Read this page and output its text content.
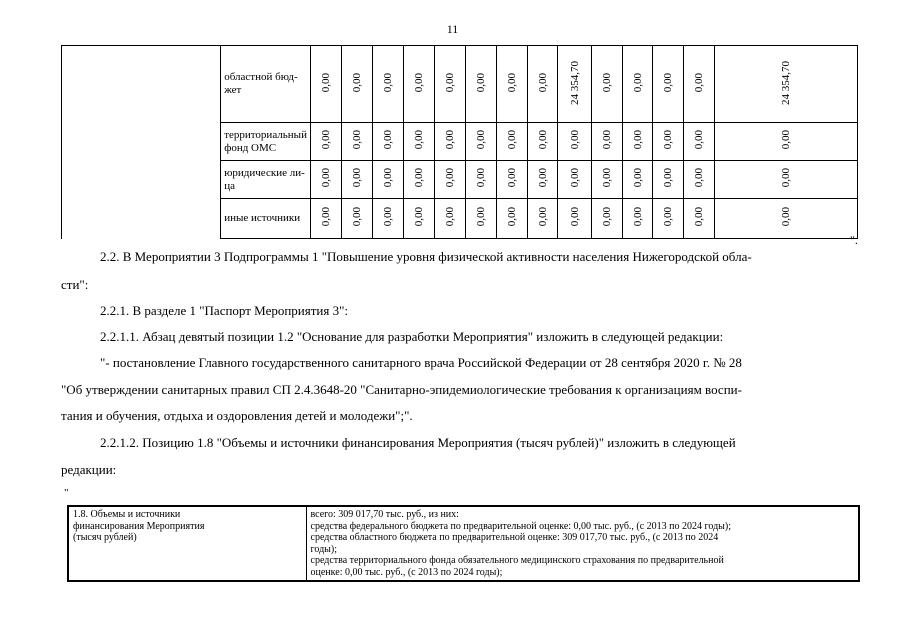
11
	областной бюд-
жет	0,00	0,00	0,00	0,00	0,00	0,00	0,00	0,00	24 354,70	0,00	0,00	0,00	0,00	24 354,70
	территориальный фонд ОМС	0,00	0,00	0,00	0,00	0,00	0,00	0,00	0,00	0,00	0,00	0,00	0,00	0,00	0,00
	юридические ли-
ца	0,00	0,00	0,00	0,00	0,00	0,00	0,00	0,00	0,00	0,00	0,00	0,00	0,00	0,00
	иные источники	0,00	0,00	0,00	0,00	0,00	0,00	0,00	0,00	0,00	0,00	0,00	0,00	0,00	0,00
".
2.2. В Мероприятии 3 Подпрограммы 1 "Повышение уровня физической активности населения Нижегородской обла-
сти":
2.2.1. В разделе 1 "Паспорт Мероприятия 3":
2.2.1.1. Абзац девятый позиции 1.2 "Основание для разработки Мероприятия" изложить в следующей редакции:
"- постановление Главного государственного санитарного врача Российской Федерации от 28 сентября 2020 г. № 28
"Об утверждении санитарных правил СП 2.4.3648-20 "Санитарно-эпидемиологические требования к организациям воспи-
тания и обучения, отдыха и оздоровления детей и молодежи";".
2.2.1.2. Позицию 1.8 "Объемы и источники финансирования Мероприятия (тысяч рублей)" изложить в следующей
редакции:
"
1.8. Объемы и источники
финансирования Мероприятия
(тысяч рублей)

всего: 309 017,70 тыс. руб., из них:
средства федерального бюджета по предварительной оценке: 0,00 тыс. руб., (с 2013 по 2024 годы);
средства областного бюджета по предварительной оценке: 309 017,70 тыс. руб., (с 2013 по 2024
годы);
средства территориального фонда обязательного медицинского страхования по предварительной
оценке: 0,00 тыс. руб., (с 2013 по 2024 годы);
